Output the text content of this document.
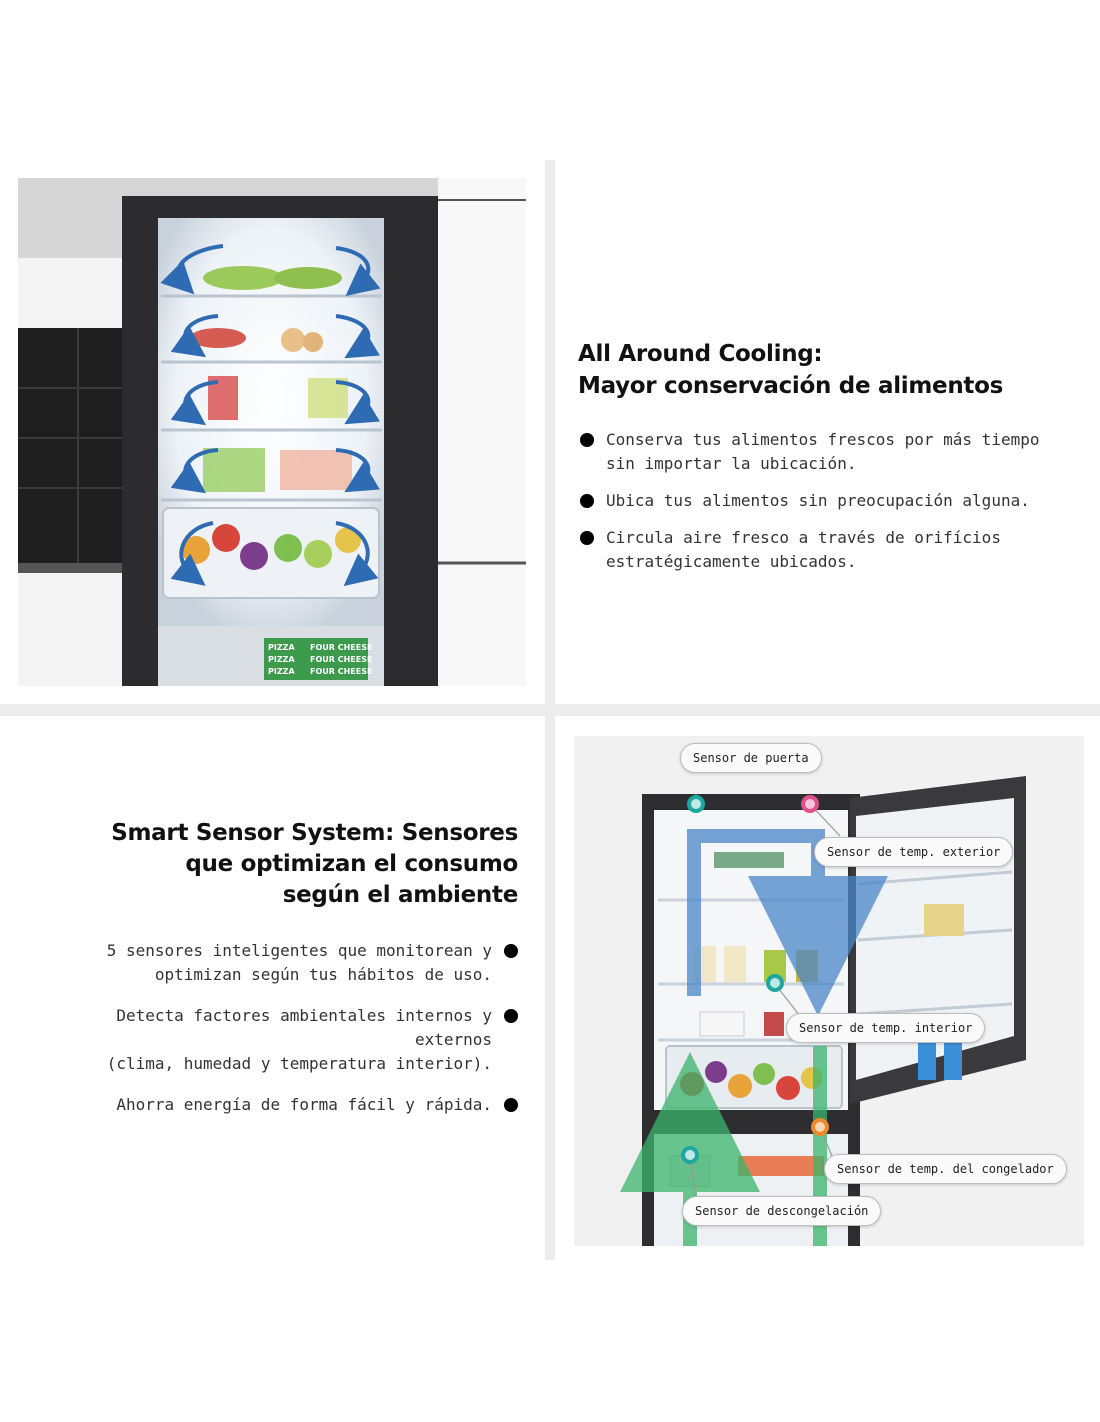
PIZZA
PIZZA
PIZZA
FOUR CHEESE
FOUR CHEESE
FOUR CHEESE
All Around Cooling:
Mayor conservación de alimentos
Conserva tus alimentos frescos por más tiempo
sin importar la ubicación.
Ubica tus alimentos sin preocupación alguna.
Circula aire fresco a través de orifícios
estratégicamente ubicados.
Smart Sensor System: Sensores
que optimizan el consumo
según el ambiente
5 sensores inteligentes que monitorean y
optimizan según tus hábitos de uso.
Detecta factores ambientales internos y externos
(clima, humedad y temperatura interior).
Ahorra energía de forma fácil y rápida.
Sensor de puerta
Sensor de temp. exterior
Sensor de temp. interior
Sensor de temp. del congelador
Sensor de descongelación
